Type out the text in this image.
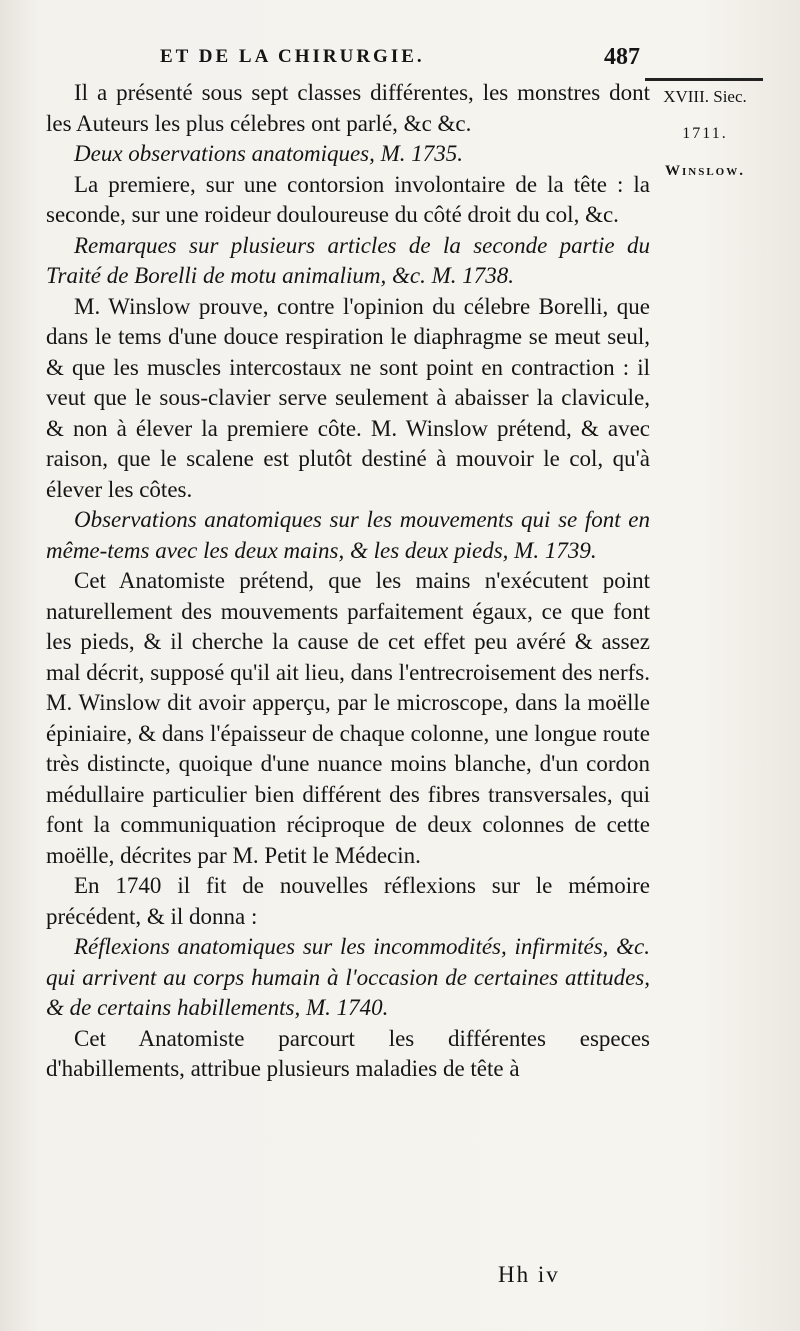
ET DE LA CHIRURGIE.	487
XVIII. Siec.
1711.
Winslow.

Il a présenté sous sept classes différentes, les monstres dont les Auteurs les plus célebres ont parlé, &c &c.

Deux observations anatomiques, M. 1735.

La premiere, sur une contorsion involontaire de la tête : la seconde, sur une roideur douloureuse du côté droit du col, &c.

Remarques sur plusieurs articles de la seconde partie du Traité de Borelli de motu animalium, &c. M. 1738.

M. Winslow prouve, contre l'opinion du célebre Borelli, que dans le tems d'une douce respiration le diaphragme se meut seul, & que les muscles intercostaux ne sont point en contraction : il veut que le sous-clavier serve seulement à abaisser la clavicule, & non à élever la premiere côte. M. Winslow prétend, & avec raison, que le scalene est plutôt destiné à mouvoir le col, qu'à élever les côtes.

Observations anatomiques sur les mouvements qui se font en même-tems avec les deux mains, & les deux pieds, M. 1739.

Cet Anatomiste prétend, que les mains n'exécutent point naturellement des mouvements parfaitement égaux, ce que font les pieds, & il cherche la cause de cet effet peu avéré & assez mal décrit, supposé qu'il ait lieu, dans l'entrecroisement des nerfs. M. Winslow dit avoir apperçu, par le microscope, dans la moëlle épiniaire, & dans l'épaisseur de chaque colonne, une longue route très distincte, quoique d'une nuance moins blanche, d'un cordon médullaire particulier bien différent des fibres transversales, qui font la communiquation réciproque de deux colonnes de cette moëlle, décrites par M. Petit le Médecin.

En 1740 il fit de nouvelles réflexions sur le mémoire précédent, & il donna :

Réflexions anatomiques sur les incommodités, infirmités, &c. qui arrivent au corps humain à l'occasion de certaines attitudes, & de certains habillements, M. 1740.

Cet Anatomiste parcourt les différentes especes d'habillements, attribue plusieurs maladies de tête à

Hh iv
